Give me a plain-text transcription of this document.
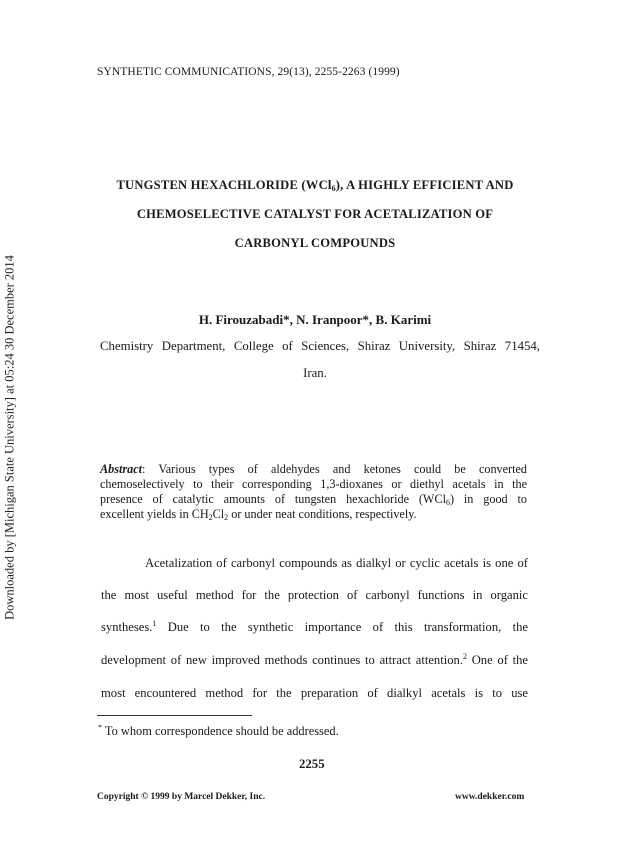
Downloaded by [Michigan State University] at 05:24 30 December 2014
SYNTHETIC COMMUNICATIONS, 29(13), 2255-2263 (1999)
TUNGSTEN HEXACHLORIDE (WCl$_6$), A HIGHLY EFFICIENT AND
CHEMOSELECTIVE CATALYST FOR ACETALIZATION OF
CARBONYL COMPOUNDS
H. Firouzabadi*, N. Iranpoor*, B. Karimi
Chemistry Department, College of Sciences, Shiraz University, Shiraz 71454,
Iran.
Abstract: Various types of aldehydes and ketones could be converted
chemoselectively to their corresponding 1,3-dioxanes or diethyl acetals in the
presence of catalytic amounts of tungsten hexachloride (WCl$_6$) in good to
excellent yields in $CH_2Cl_2$ or under neat conditions, respectively.
Acetalization of carbonyl compounds as dialkyl or cyclic acetals is one of
the most useful method for the protection of carbonyl functions in organic
syntheses.$^1$ Due to the synthetic importance of this transformation, the
development of new improved methods continues to attract attention.$^2$ One of the
most encountered method for the preparation of dialkyl acetals is to use
* To whom correspondence should be addressed.
2255
Copyright © 1999 by Marcel Dekker, Inc.	www.dekker.com
